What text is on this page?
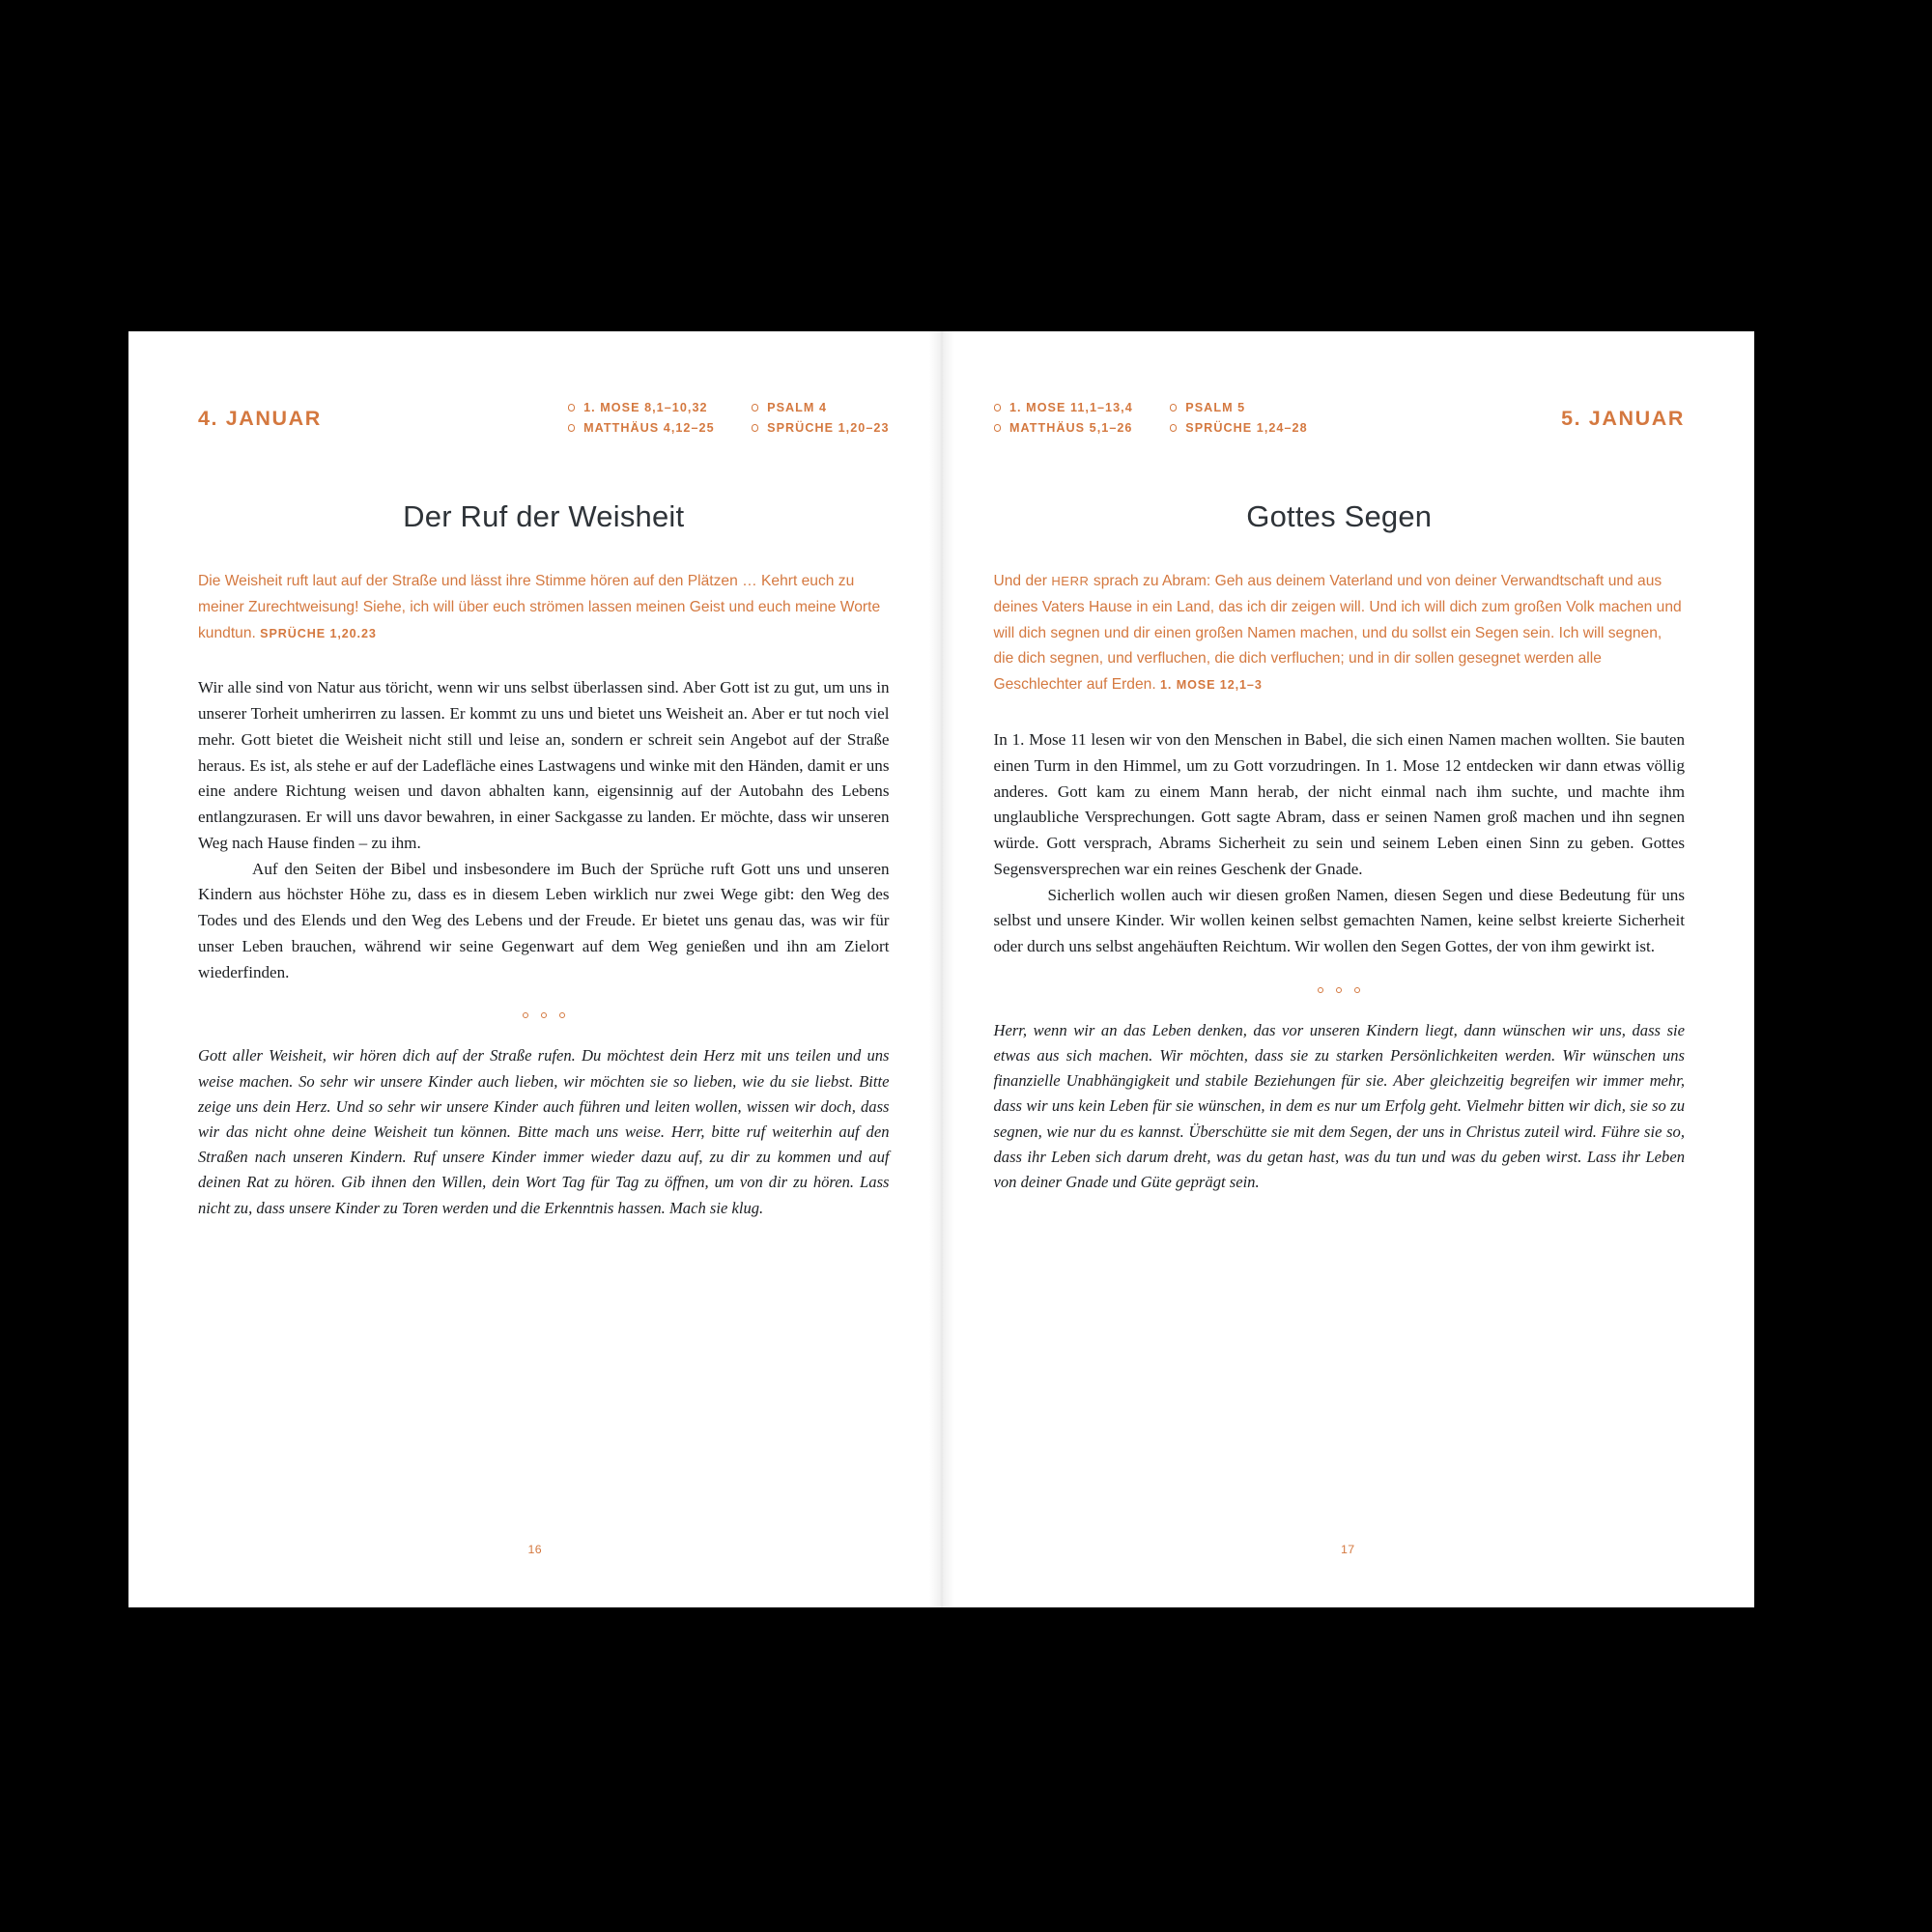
4. JANUAR	1. MOSE 8,1–10,32	PSALM 4
MATTHÄUS 4,12–25	SPRÜCHE 1,20–23
Der Ruf der Weisheit
Die Weisheit ruft laut auf der Straße und lässt ihre Stimme hören auf den Plätzen … Kehrt euch zu meiner Zurechtweisung! Siehe, ich will über euch strömen lassen meinen Geist und euch meine Worte kundtun. SPRÜCHE 1,20.23

Wir alle sind von Natur aus töricht, wenn wir uns selbst überlassen sind. Aber Gott ist zu gut, um uns in unserer Torheit umherirren zu lassen. Er kommt zu uns und bietet uns Weisheit an. Aber er tut noch viel mehr. Gott bietet die Weisheit nicht still und leise an, sondern er schreit sein Angebot auf der Straße heraus. Es ist, als stehe er auf der Ladefläche eines Lastwagens und winke mit den Händen, damit er uns eine andere Richtung weisen und davon abhalten kann, eigensinnig auf der Autobahn des Lebens entlangzurasen. Er will uns davor bewahren, in einer Sackgasse zu landen. Er möchte, dass wir unseren Weg nach Hause finden – zu ihm.

Auf den Seiten der Bibel und insbesondere im Buch der Sprüche ruft Gott uns und unseren Kindern aus höchster Höhe zu, dass es in diesem Leben wirklich nur zwei Wege gibt: den Weg des Todes und des Elends und den Weg des Lebens und der Freude. Er bietet uns genau das, was wir für unser Leben brauchen, während wir seine Gegenwart auf dem Weg genießen und ihn am Zielort wiederfinden.

Gott aller Weisheit, wir hören dich auf der Straße rufen. Du möchtest dein Herz mit uns teilen und uns weise machen. So sehr wir unsere Kinder auch lieben, wir möchten sie so lieben, wie du sie liebst. Bitte zeige uns dein Herz. Und so sehr wir unsere Kinder auch führen und leiten wollen, wissen wir doch, dass wir das nicht ohne deine Weisheit tun können. Bitte mach uns weise. Herr, bitte ruf weiterhin auf den Straßen nach unseren Kindern. Ruf unsere Kinder immer wieder dazu auf, zu dir zu kommen und auf deinen Rat zu hören. Gib ihnen den Willen, dein Wort Tag für Tag zu öffnen, um von dir zu hören. Lass nicht zu, dass unsere Kinder zu Toren werden und die Erkenntnis hassen. Mach sie klug.
16
1. MOSE 11,1–13,4	PSALM 5
MATTHÄUS 5,1–26	SPRÜCHE 1,24–28	5. JANUAR
Gottes Segen
Und der HERR sprach zu Abram: Geh aus deinem Vaterland und von deiner Verwandtschaft und aus deines Vaters Hause in ein Land, das ich dir zeigen will. Und ich will dich zum großen Volk machen und will dich segnen und dir einen großen Namen machen, und du sollst ein Segen sein. Ich will segnen, die dich segnen, und verfluchen, die dich verfluchen; und in dir sollen gesegnet werden alle Geschlechter auf Erden. 1. MOSE 12,1–3

In 1. Mose 11 lesen wir von den Menschen in Babel, die sich einen Namen machen wollten. Sie bauten einen Turm in den Himmel, um zu Gott vorzudringen. In 1. Mose 12 entdecken wir dann etwas völlig anderes. Gott kam zu einem Mann herab, der nicht einmal nach ihm suchte, und machte ihm unglaubliche Versprechungen. Gott sagte Abram, dass er seinen Namen groß machen und ihn segnen würde. Gott versprach, Abrams Sicherheit zu sein und seinem Leben einen Sinn zu geben. Gottes Segensversprechen war ein reines Geschenk der Gnade.

Sicherlich wollen auch wir diesen großen Namen, diesen Segen und diese Bedeutung für uns selbst und unsere Kinder. Wir wollen keinen selbst gemachten Namen, keine selbst kreierte Sicherheit oder durch uns selbst angehäuften Reichtum. Wir wollen den Segen Gottes, der von ihm gewirkt ist.

Herr, wenn wir an das Leben denken, das vor unseren Kindern liegt, dann wünschen wir uns, dass sie etwas aus sich machen. Wir möchten, dass sie zu starken Persönlichkeiten werden. Wir wünschen uns finanzielle Unabhängigkeit und stabile Beziehungen für sie. Aber gleichzeitig begreifen wir immer mehr, dass wir uns kein Leben für sie wünschen, in dem es nur um Erfolg geht. Vielmehr bitten wir dich, sie so zu segnen, wie nur du es kannst. Überschütte sie mit dem Segen, der uns in Christus zuteil wird. Führe sie so, dass ihr Leben sich darum dreht, was du getan hast, was du tun und was du geben wirst. Lass ihr Leben von deiner Gnade und Güte geprägt sein.
17
